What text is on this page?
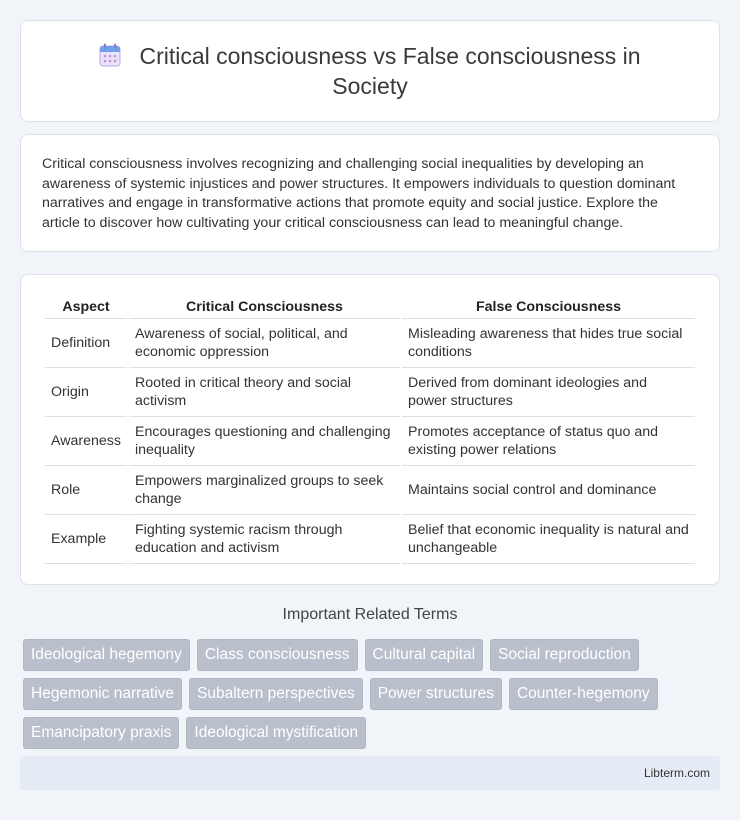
Critical consciousness vs False consciousness in Society

Critical consciousness involves recognizing and challenging social inequalities by developing an awareness of systemic injustices and power structures. It empowers individuals to question dominant narratives and engage in transformative actions that promote equity and social justice. Explore the article to discover how cultivating your critical consciousness can lead to meaningful change.

Aspect	Critical Consciousness	False Consciousness
Definition	Awareness of social, political, and economic oppression	Misleading awareness that hides true social conditions
Origin	Rooted in critical theory and social activism	Derived from dominant ideologies and power structures
Awareness	Encourages questioning and challenging inequality	Promotes acceptance of status quo and existing power relations
Role	Empowers marginalized groups to seek change	Maintains social control and dominance
Example	Fighting systemic racism through education and activism	Belief that economic inequality is natural and unchangeable
Important Related Terms
Ideological hegemony	Class consciousness	Cultural capital	Social reproduction
Hegemonic narrative	Subaltern perspectives	Power structures	Counter-hegemony
Emancipatory praxis	Ideological mystification
Libterm.com
